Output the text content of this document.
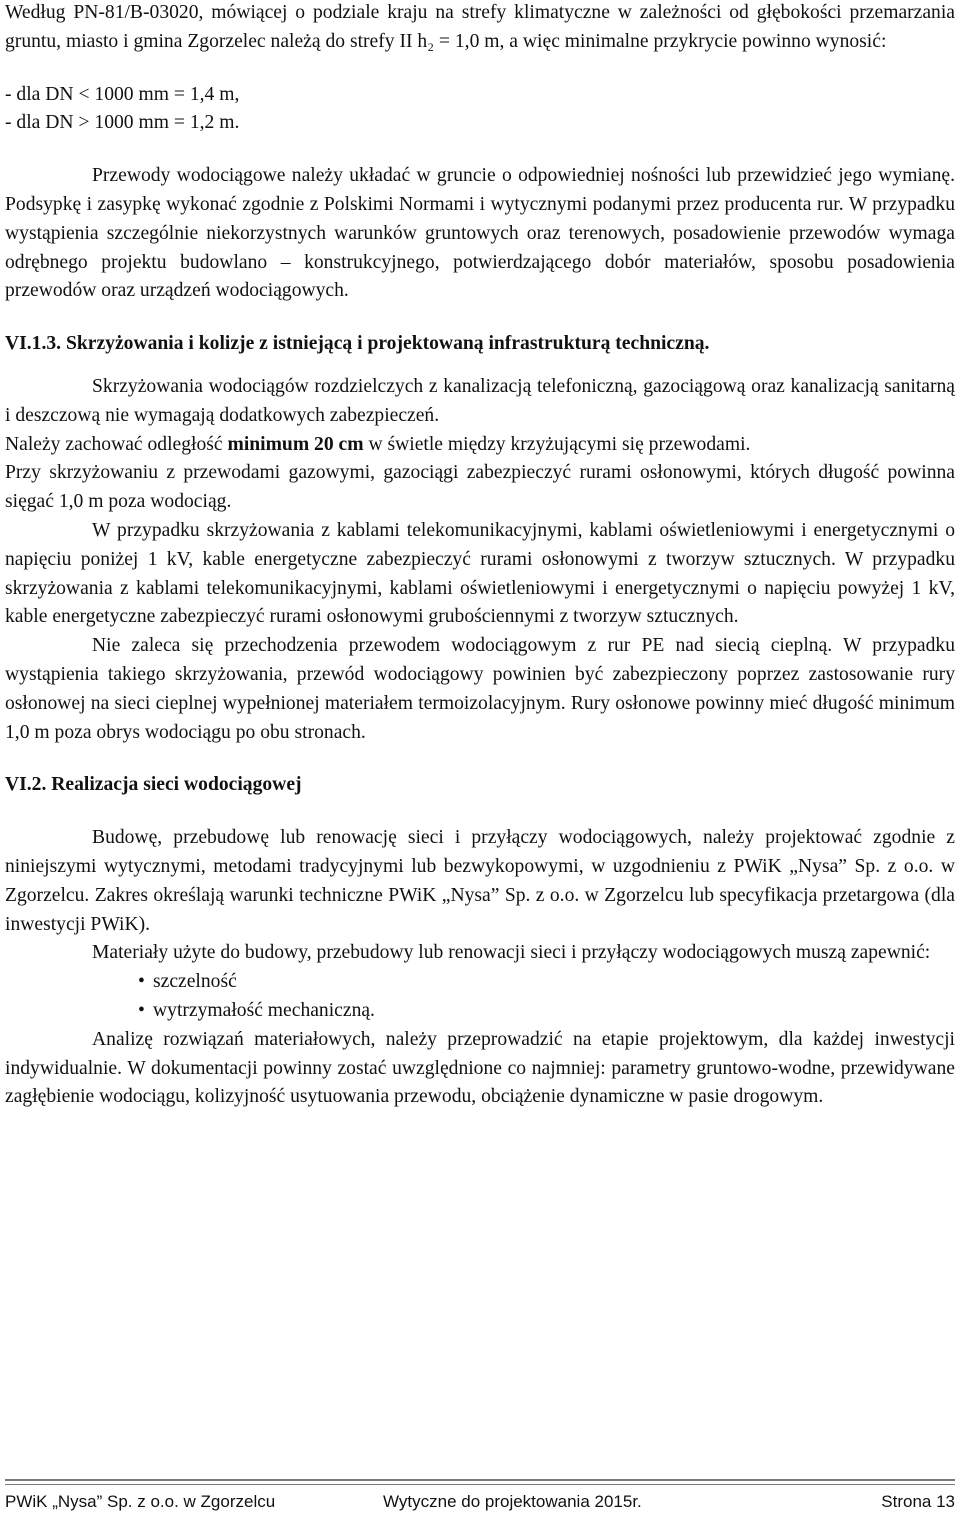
Według PN-81/B-03020, mówiącej o podziale kraju na strefy klimatyczne w zależności od głębokości przemarzania gruntu, miasto i gmina Zgorzelec należą do strefy II h₂ = 1,0 m, a więc minimalne przykrycie powinno wynosić:

- dla DN < 1000 mm = 1,4 m,

- dla DN > 1000 mm = 1,2 m.

Przewody wodociągowe należy układać w gruncie o odpowiedniej nośności lub przewidzieć jego wymianę. Podsypkę i zasypkę wykonać zgodnie z Polskimi Normami i wytycznymi podanymi przez producenta rur. W przypadku wystąpienia szczególnie niekorzystnych warunków gruntowych oraz terenowych, posadowienie przewodów wymaga odrębnego projektu budowlano – konstrukcyjnego, potwierdzającego dobór materiałów, sposobu posadowienia przewodów oraz urządzeń wodociągowych.

VI.1.3. Skrzyżowania i kolizje z istniejącą i projektowaną infrastrukturą techniczną.

Skrzyżowania wodociągów rozdzielczych z kanalizacją telefoniczną, gazociągową oraz kanalizacją sanitarną i deszczową nie wymagają dodatkowych zabezpieczeń.

Należy zachować odległość minimum 20 cm w świetle między krzyżującymi się przewodami.

Przy skrzyżowaniu z przewodami gazowymi, gazociągi zabezpieczyć rurami osłonowymi, których długość powinna sięgać 1,0 m poza wodociąg.

W przypadku skrzyżowania z kablami telekomunikacyjnymi, kablami oświetleniowymi i energetycznymi o napięciu poniżej 1 kV, kable energetyczne zabezpieczyć rurami osłonowymi z tworzyw sztucznych. W przypadku skrzyżowania z kablami telekomunikacyjnymi, kablami oświetleniowymi i energetycznymi o napięciu powyżej 1 kV, kable energetyczne zabezpieczyć rurami osłonowymi grubościennymi z tworzyw sztucznych.

Nie zaleca się przechodzenia przewodem wodociągowym z rur PE nad siecią cieplną. W przypadku wystąpienia takiego skrzyżowania, przewód wodociągowy powinien być zabezpieczony poprzez zastosowanie rury osłonowej na sieci cieplnej wypełnionej materiałem termoizolacyjnym. Rury osłonowe powinny mieć długość minimum 1,0 m poza obrys wodociągu po obu stronach.

VI.2. Realizacja sieci wodociągowej

Budowę, przebudowę lub renowację sieci i przyłączy wodociągowych, należy projektować zgodnie z niniejszymi wytycznymi, metodami tradycyjnymi lub bezwykopowymi, w uzgodnieniu z PWiK „Nysa” Sp. z o.o. w Zgorzelcu. Zakres określają warunki techniczne PWiK „Nysa” Sp. z o.o. w Zgorzelcu lub specyfikacja przetargowa (dla inwestycji PWiK).

Materiały użyte do budowy, przebudowy lub renowacji sieci i przyłączy wodociągowych muszą zapewnić:

• szczelność
• wytrzymałość mechaniczną.

Analizę rozwiązań materiałowych, należy przeprowadzić na etapie projektowym, dla każdej inwestycji indywidualnie. W dokumentacji powinny zostać uwzględnione co najmniej: parametry gruntowo-wodne, przewidywane zagłębienie wodociągu, kolizyjność usytuowania przewodu, obciążenie dynamiczne w pasie drogowym.

PWiK „Nysa” Sp. z o.o. w Zgorzelcu	Wytyczne do projektowania 2015r.	Strona 13
